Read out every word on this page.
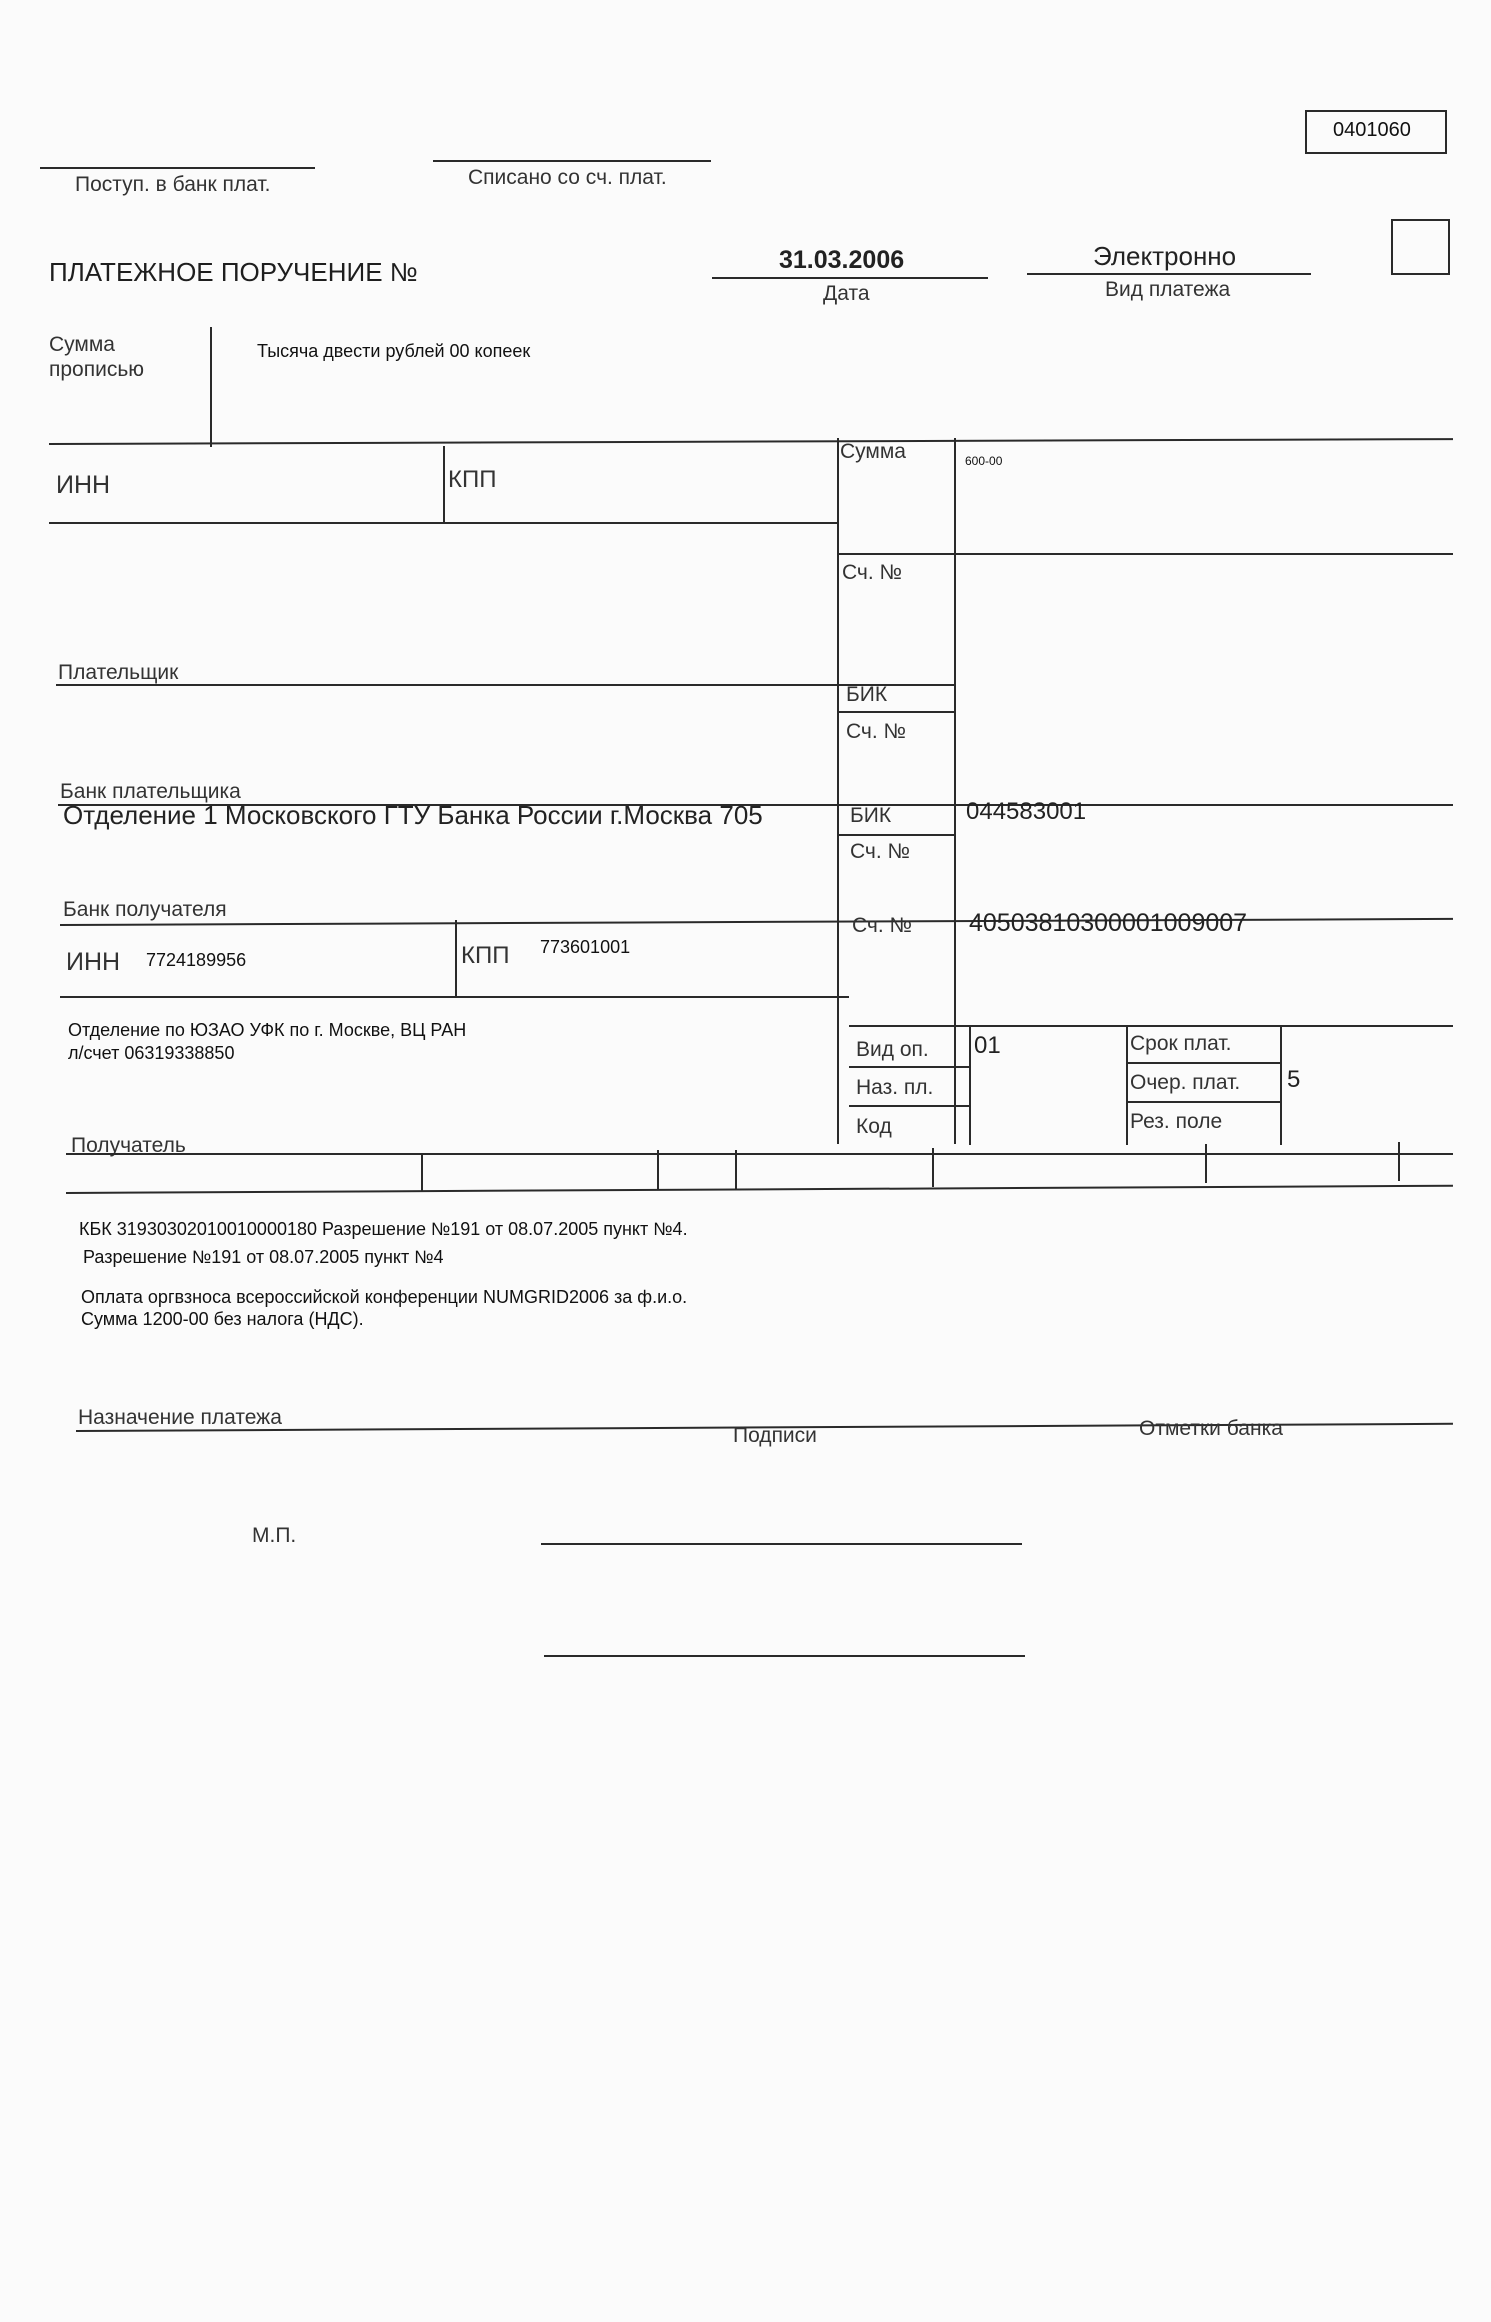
0401060
Поступ. в банк плат.	Списано со сч. плат.
ПЛАТЕЖНОЕ ПОРУЧЕНИЕ №	31.03.2006
Дата
Электронно
Вид платежа
Сумма
прописью
Тысяча двести рублей 00 копеек
ИНН	КПП
Сумма	600-00
Сч. №
Плательщик
БИК
Сч. №
Банк плательщика
Отделение 1 Московского ГТУ Банка России г.Москва 705	БИК	044583001
Сч. №
Банк получателя
ИНН 7724189956	КПП 773601001
Сч. № 40503810300001009007
Отделение по ЮЗАО УФК по г. Москве, ВЦ РАН
л/счет 06319338850	Вид оп. 01
Наз. пл.
Код
Срок плат.
Очер. плат. 5
Рез. поле
Получатель
КБК 31930302010010000180 Разрешение №191 от 08.07.2005 пункт №4.
Разрешение №191 от 08.07.2005 пункт №4
Оплата оргвзноса всероссийской конференции NUMGRID2006 за ф.и.о.
Сумма 1200-00 без налога (НДС).
Назначение платежа
Подписи	Отметки банка
М.П.
